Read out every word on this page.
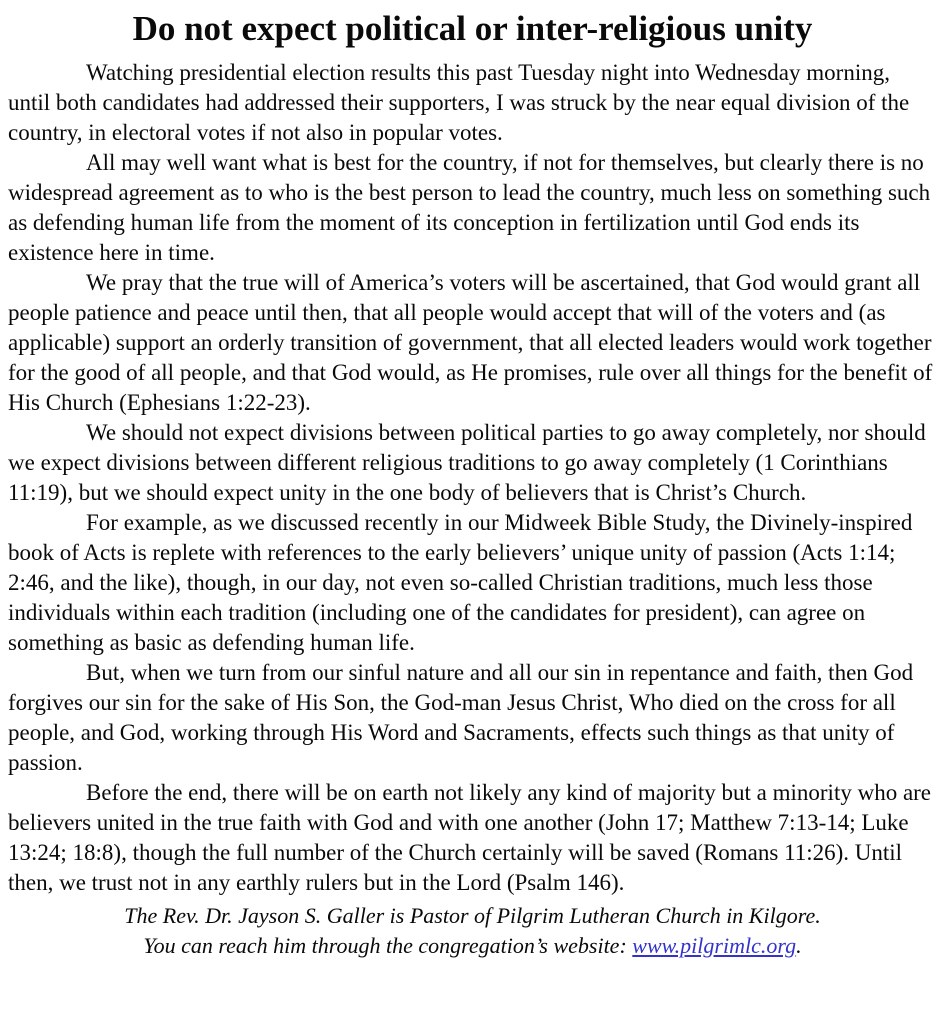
Do not expect political or inter-religious unity

Watching presidential election results this past Tuesday night into Wednesday morning, until both candidates had addressed their supporters, I was struck by the near equal division of the country, in electoral votes if not also in popular votes.

All may well want what is best for the country, if not for themselves, but clearly there is no widespread agreement as to who is the best person to lead the country, much less on something such as defending human life from the moment of its conception in fertilization until God ends its existence here in time.

We pray that the true will of America’s voters will be ascertained, that God would grant all people patience and peace until then, that all people would accept that will of the voters and (as applicable) support an orderly transition of government, that all elected leaders would work together for the good of all people, and that God would, as He promises, rule over all things for the benefit of His Church (Ephesians 1:22-23).

We should not expect divisions between political parties to go away completely, nor should we expect divisions between different religious traditions to go away completely (1 Corinthians 11:19), but we should expect unity in the one body of believers that is Christ’s Church.

For example, as we discussed recently in our Midweek Bible Study, the Divinely-inspired book of Acts is replete with references to the early believers’ unique unity of passion (Acts 1:14; 2:46, and the like), though, in our day, not even so-called Christian traditions, much less those individuals within each tradition (including one of the candidates for president), can agree on something as basic as defending human life.

But, when we turn from our sinful nature and all our sin in repentance and faith, then God forgives our sin for the sake of His Son, the God-man Jesus Christ, Who died on the cross for all people, and God, working through His Word and Sacraments, effects such things as that unity of passion.

Before the end, there will be on earth not likely any kind of majority but a minority who are believers united in the true faith with God and with one another (John 17; Matthew 7:13-14; Luke 13:24; 18:8), though the full number of the Church certainly will be saved (Romans 11:26). Until then, we trust not in any earthly rulers but in the Lord (Psalm 146).

The Rev. Dr. Jayson S. Galler is Pastor of Pilgrim Lutheran Church in Kilgore.
You can reach him through the congregation’s website: www.pilgrimlc.org.
